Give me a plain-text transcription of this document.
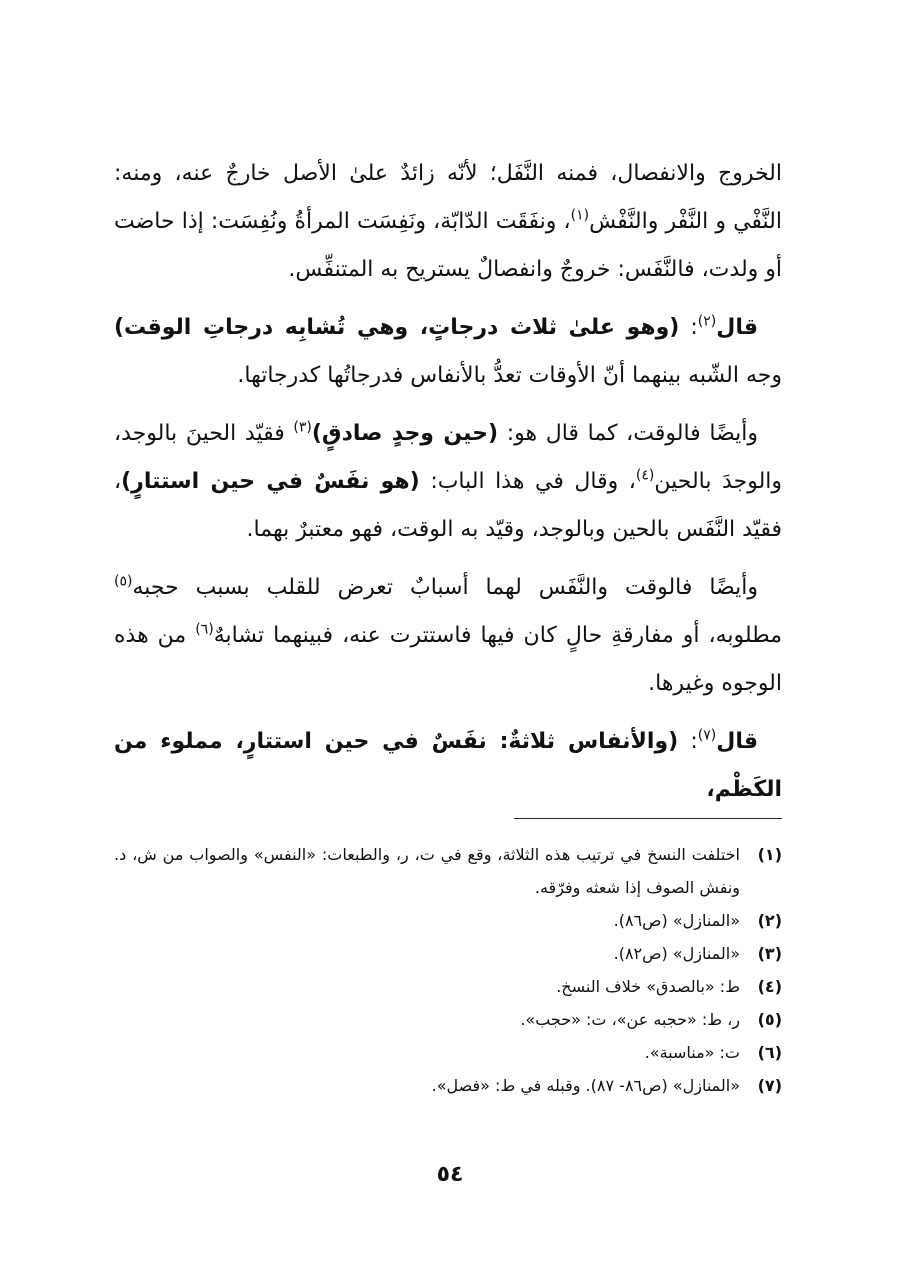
الخروج والانفصال، فمنه النَّفَل؛ لأنّه زائدٌ علىٰ الأصل خارجٌ عنه، ومنه: النَّفْي و النَّفْر والنَّفْش$^{(١)}$، ونفَقَت الدّابّة، ونَفِسَت المرأةُ ونُفِسَت: إذا حاضت أو ولدت، فالنَّفَس: خروجٌ وانفصالٌ يستريح به المتنفِّس.

قال$^{(٢)}$: (وهو علىٰ ثلاث درجاتٍ، وهي تُشابِه درجاتِ الوقت) وجه الشّبه بينهما أنّ الأوقات تعدُّ بالأنفاس فدرجاتُها كدرجاتها.

وأيضًا فالوقت، كما قال هو: (حين وجدٍ صادقٍ)$^{(٣)}$ فقيّد الحينَ بالوجد، والوجدَ بالحين$^{(٤)}$، وقال في هذا الباب: (هو نفَسٌ في حين استتارٍ)، فقيّد النَّفَس بالحين وبالوجد، وقيّد به الوقت، فهو معتبرٌ بهما.

وأيضًا فالوقت والنَّفَس لهما أسبابٌ تعرض للقلب بسبب حجبه$^{(٥)}$ مطلوبه، أو مفارقةِ حالٍ كان فيها فاستترت عنه، فبينهما تشابهٌ$^{(٦)}$ من هذه الوجوه وغيرها.

قال$^{(٧)}$: (والأنفاس ثلاثةٌ: نفَسٌ في حين استتارٍ، مملوء من الكَظْم،

(١)
اختلفت النسخ في ترتيب هذه الثلاثة، وقع في ت، ر، والطبعات: «النفس» والصواب من ش، د. ونفش الصوف إذا شعثه وفرّقه.
(٢)
«المنازل» (ص٨٦).
(٣)
«المنازل» (ص٨٢).
(٤)
ط: «بالصدق» خلاف النسخ.
(٥)
ر، ط: «حجبه عن»، ت: «حجب».
(٦)
ت: «مناسبة».
(٧)
«المنازل» (ص٨٦- ٨٧). وقبله في ط: «فصل».
٥٤
